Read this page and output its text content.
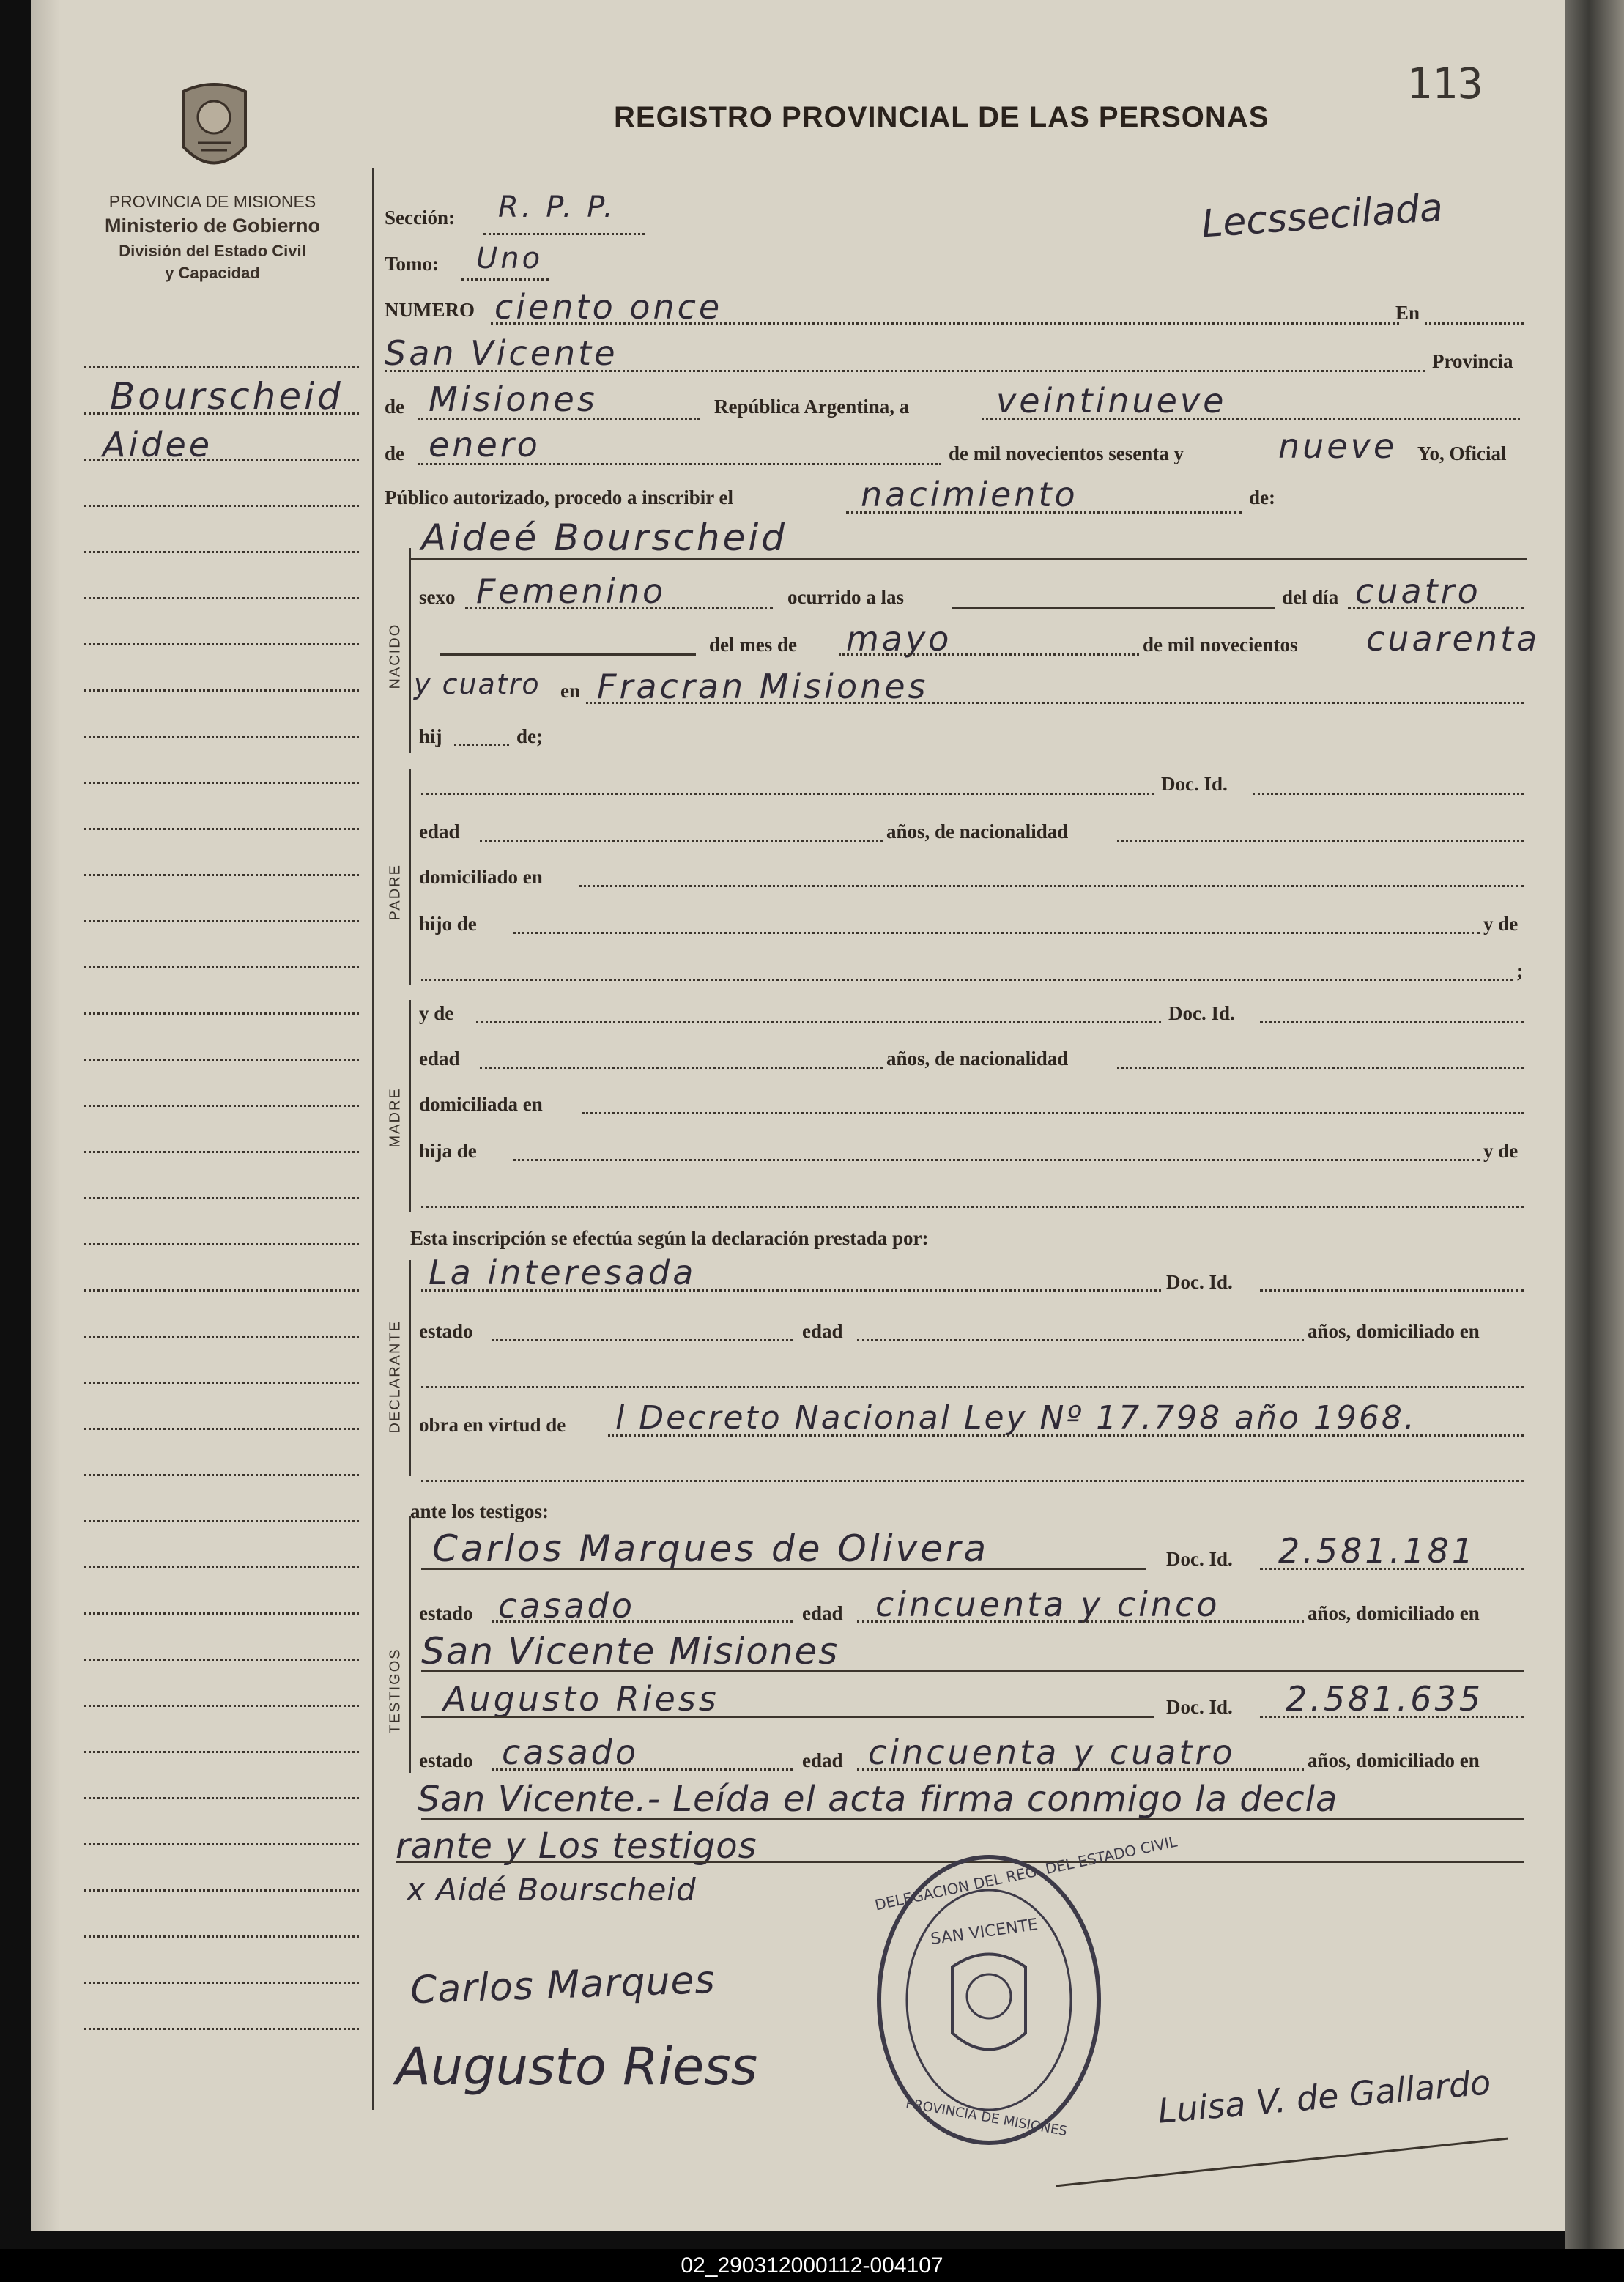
PROVINCIA DE MISIONES
Ministerio de Gobierno
División del Estado Civil
y Capacidad
REGISTRO PROVINCIAL DE LAS PERSONAS
113
Lecssecilada
Bourscheid
Aidee
NACIDO
PADRE
MADRE
DECLARANTE
TESTIGOS
Sección: R. P. P.
Tomo: Uno
NUMERO ciento once	En
San Vicente	Provincia
de Misiones	República Argentina, a	veintinueve
de enero	de mil novecientos sesenta y	nueve Yo, Oficial
Público autorizado, procedo a inscribir el	nacimiento	de:
Aideé Bourscheid
sexo Femenino	ocurrido a las	del día cuatro
del mes de mayo	de mil novecientos cuarenta
y cuatro en Fracran Misiones
hij	de;
Doc. Id.
edad	años, de nacionalidad
domiciliado en
hijo de	y de
;
y de	Doc. Id.
edad	años, de nacionalidad
domiciliada en
hija de	y de
Esta inscripción se efectúa según la declaración prestada por:
La interesada	Doc. Id.
estado	edad	años, domiciliado en
obra en virtud de l Decreto Nacional Ley Nº 17.798 año 1968.
ante los testigos:
Carlos Marques de Olivera	Doc. Id. 2.581.181
estado casado	edad cincuenta y cinco	años, domiciliado en
San Vicente Misiones
Augusto Riess	Doc. Id. 2.581.635
estado casado	edad cincuenta y cuatro	años, domiciliado en
San Vicente.- Leída el acta firma conmigo la decla
rante y Los testigos	DELEGACION DEL REG. DEL ESTADO CIVIL
SAN VICENTE
PROVINCIA DE MISIONES
x Aidé Bourscheid
Carlos Marques
Augusto Riess	Luisa V. de Gallardo
02_290312000112-004107
